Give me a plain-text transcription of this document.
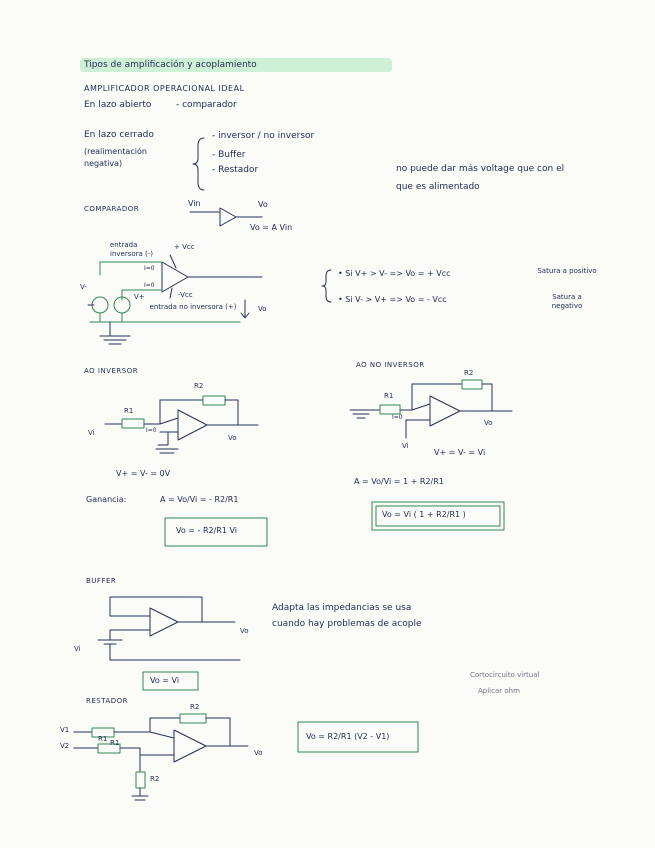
Tipos de amplificación y acoplamiento
AMPLIFICADOR OPERACIONAL IDEAL
En lazo abierto	- comparador
En lazo cerrado
(realimentación negativa)
- inversor / no inversor
- Buffer
- Restador	no puede dar más voltage que con el que es alimentado
COMPARADOR
Vin	Vo
Vo = A Vin
entrada inversora (-)
+ Vcc
I=0
I=0
-Vcc
entrada no inversora (+)
V-
V+
Vo
• Si V+ > V- => Vo = + Vcc	Satura a positivo
• Si V- > V+ => Vo = - Vcc	Satura a negativo
AO INVERSOR
R2
R1
Vi	I=0
Vo
V+ = V- = 0V
Ganancia:	A = Vo/Vi = - R2/R1
Vo = - R2/R1 Vi
AO NO INVERSOR
R2
R1
I=0
Vo
Vi
V+ = V- = Vi
A = Vo/Vi = 1 + R2/R1
Vo = Vi ( 1 + R2/R1 )
BUFFER
Adapta las impedancias se usa cuando hay problemas de acople
Vi
Vo
Vo = Vi
Cortocircuito virtual
Aplicar ohm
RESTADOR
R2
R1 R1
V1
V2
Vo
R2
Vo = R2/R1 (V2 - V1)
